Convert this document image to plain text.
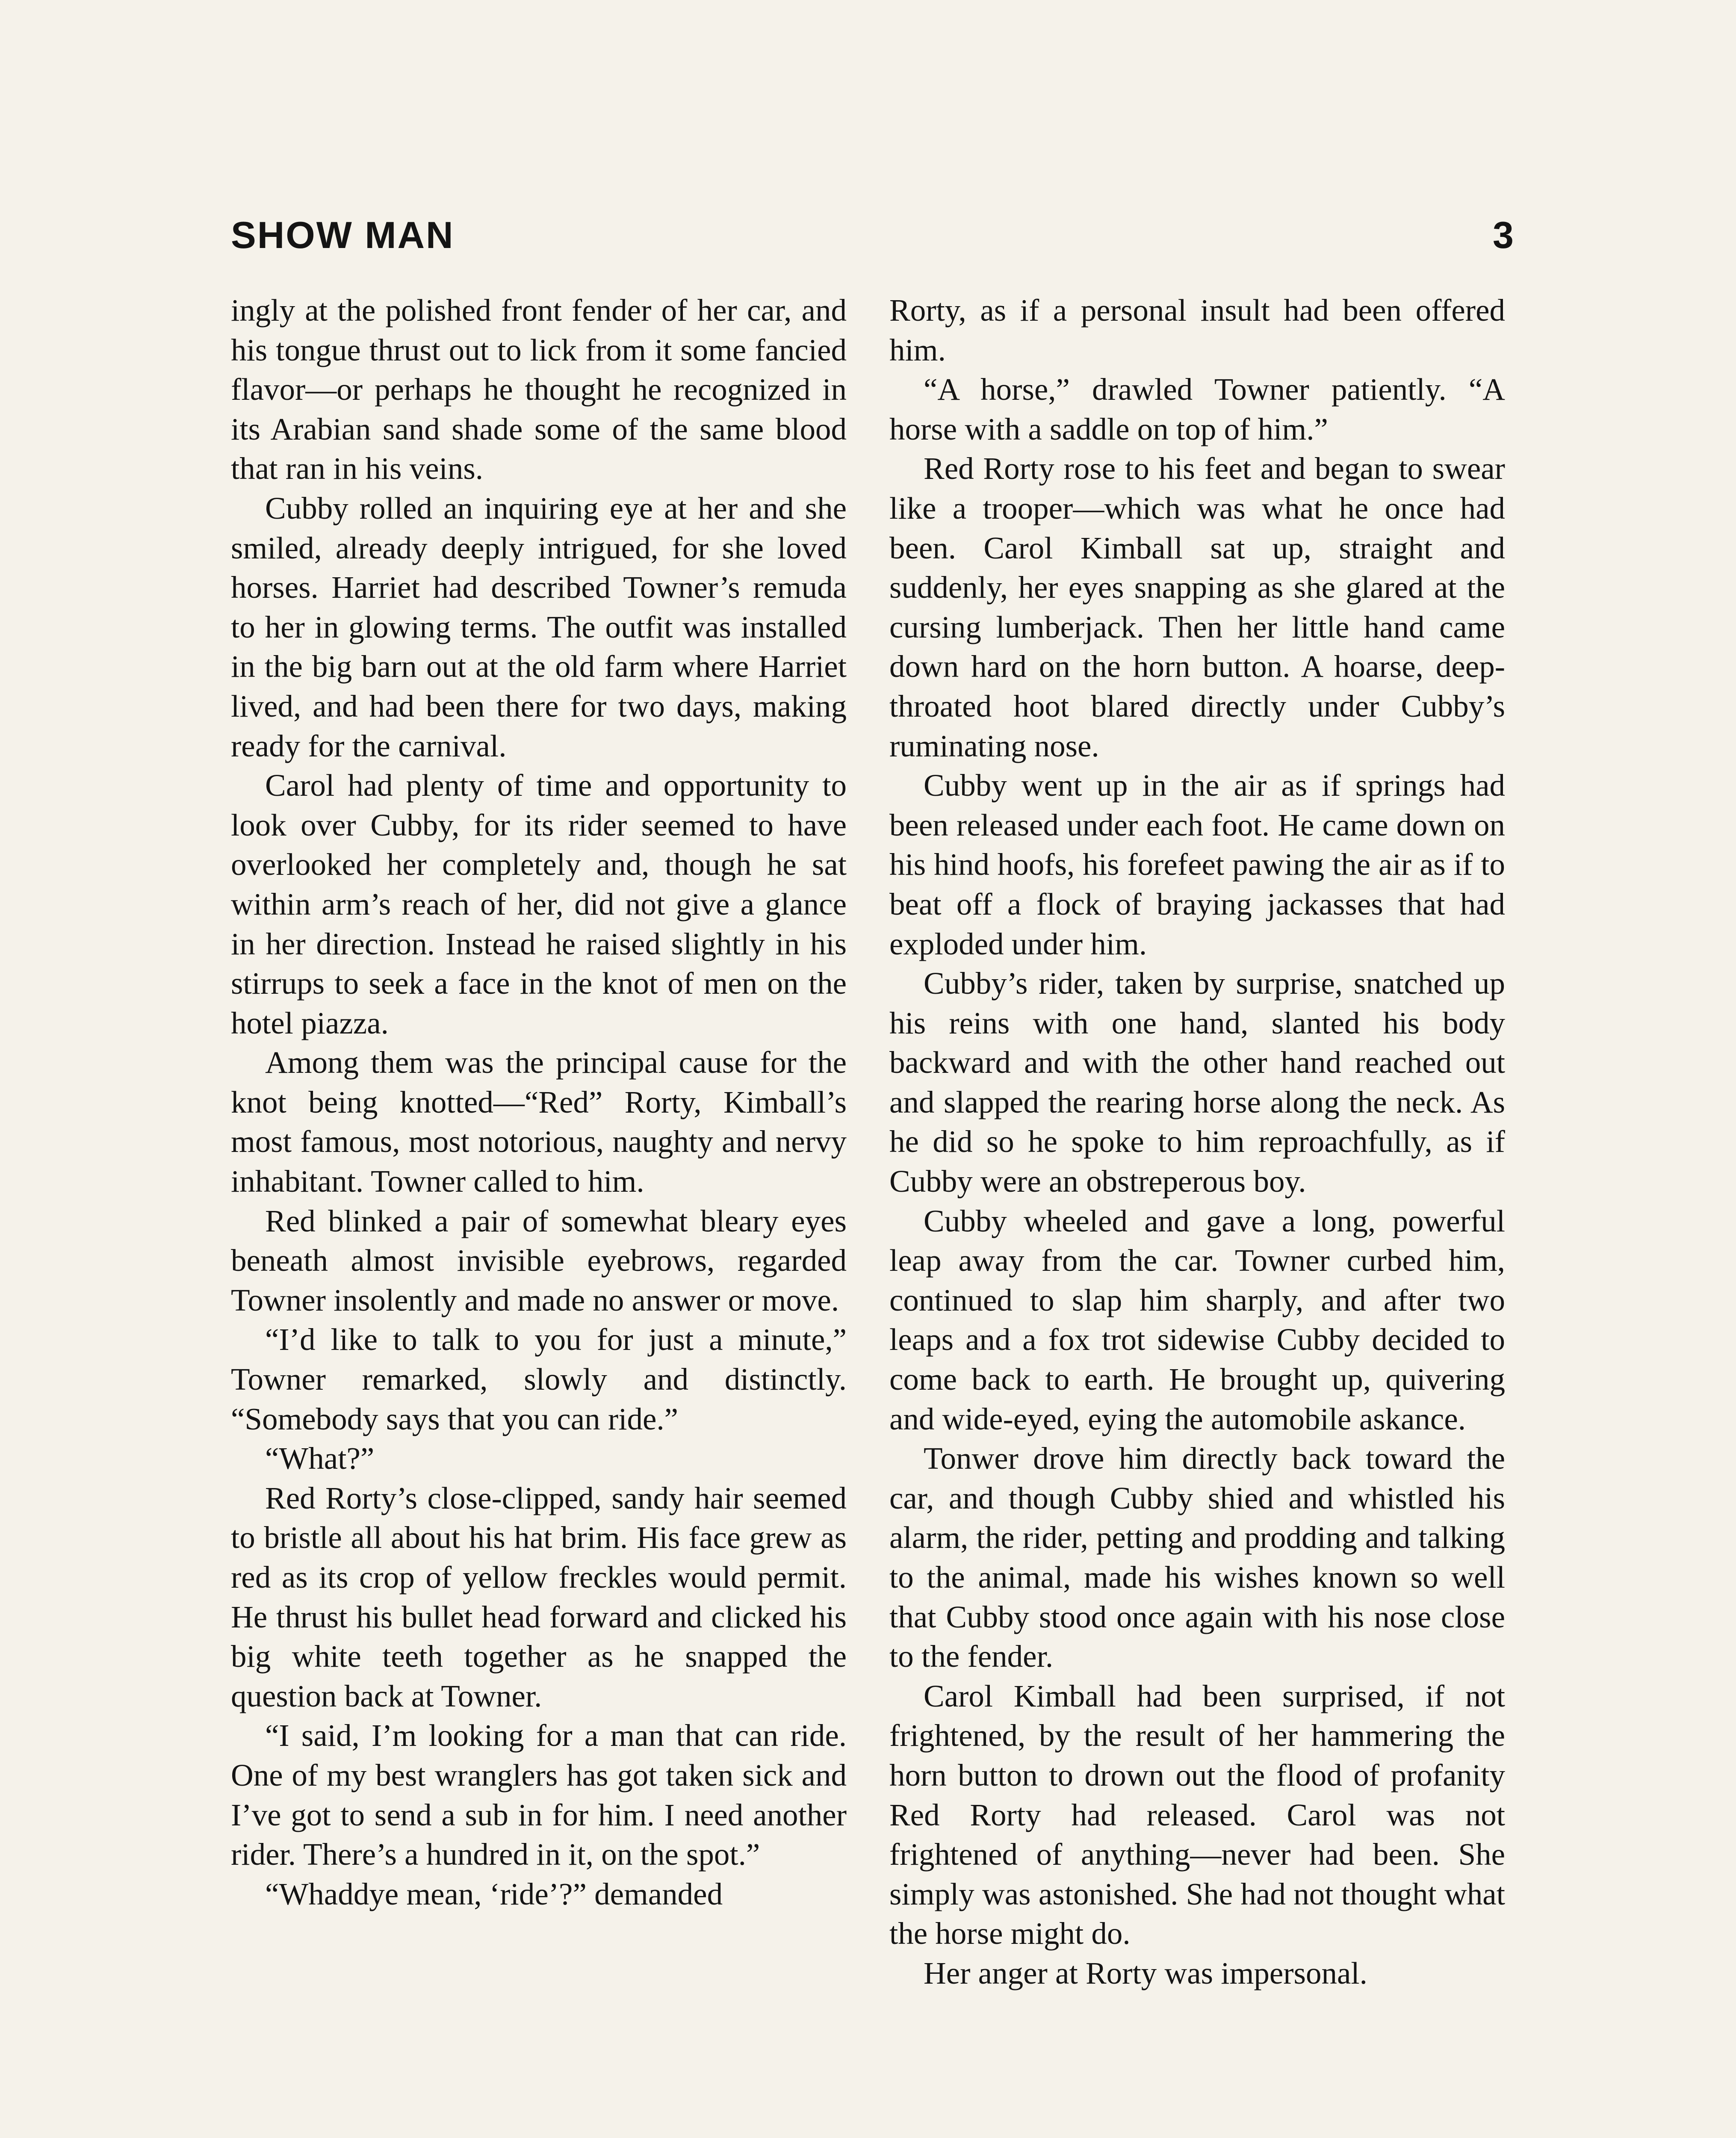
SHOW MAN	3

ingly at the polished front fender of her car, and his tongue thrust out to lick from it some fancied flavor—or perhaps he thought he recognized in its Arabian sand shade some of the same blood that ran in his veins.

Cubby rolled an inquiring eye at her and she smiled, already deeply intrigued, for she loved horses. Harriet had described Towner’s remuda to her in glowing terms. The outfit was installed in the big barn out at the old farm where Harriet lived, and had been there for two days, making ready for the carnival.

Carol had plenty of time and opportunity to look over Cubby, for its rider seemed to have overlooked her completely and, though he sat within arm’s reach of her, did not give a glance in her direction. Instead he raised slightly in his stirrups to seek a face in the knot of men on the hotel piazza.

Among them was the principal cause for the knot being knotted—“Red” Rorty, Kimball’s most famous, most notorious, naughty and nervy inhabitant. Towner called to him.

Red blinked a pair of somewhat bleary eyes beneath almost invisible eyebrows, regarded Towner insolently and made no answer or move.

“I’d like to talk to you for just a minute,” Towner remarked, slowly and distinctly. “Somebody says that you can ride.”

“What?”

Red Rorty’s close-clipped, sandy hair seemed to bristle all about his hat brim. His face grew as red as its crop of yellow freckles would permit. He thrust his bullet head forward and clicked his big white teeth together as he snapped the question back at Towner.

“I said, I’m looking for a man that can ride. One of my best wranglers has got taken sick and I’ve got to send a sub in for him. I need another rider. There’s a hundred in it, on the spot.”

“Whaddye mean, ‘ride’?” demanded

Rorty, as if a personal insult had been offered him.

“A horse,” drawled Towner patiently. “A horse with a saddle on top of him.”

Red Rorty rose to his feet and began to swear like a trooper—which was what he once had been. Carol Kimball sat up, straight and suddenly, her eyes snapping as she glared at the cursing lumberjack. Then her little hand came down hard on the horn button. A hoarse, deep-throated hoot blared directly under Cubby’s ruminating nose.

Cubby went up in the air as if springs had been released under each foot. He came down on his hind hoofs, his forefeet pawing the air as if to beat off a flock of braying jackasses that had exploded under him.

Cubby’s rider, taken by surprise, snatched up his reins with one hand, slanted his body backward and with the other hand reached out and slapped the rearing horse along the neck. As he did so he spoke to him reproachfully, as if Cubby were an obstreperous boy.

Cubby wheeled and gave a long, powerful leap away from the car. Towner curbed him, continued to slap him sharply, and after two leaps and a fox trot sidewise Cubby decided to come back to earth. He brought up, quivering and wide-eyed, eying the automobile askance.

Tonwer drove him directly back toward the car, and though Cubby shied and whistled his alarm, the rider, petting and prodding and talking to the animal, made his wishes known so well that Cubby stood once again with his nose close to the fender.

Carol Kimball had been surprised, if not frightened, by the result of her hammering the horn button to drown out the flood of profanity Red Rorty had released. Carol was not frightened of anything—never had been. She simply was astonished. She had not thought what the horse might do.

Her anger at Rorty was impersonal.
